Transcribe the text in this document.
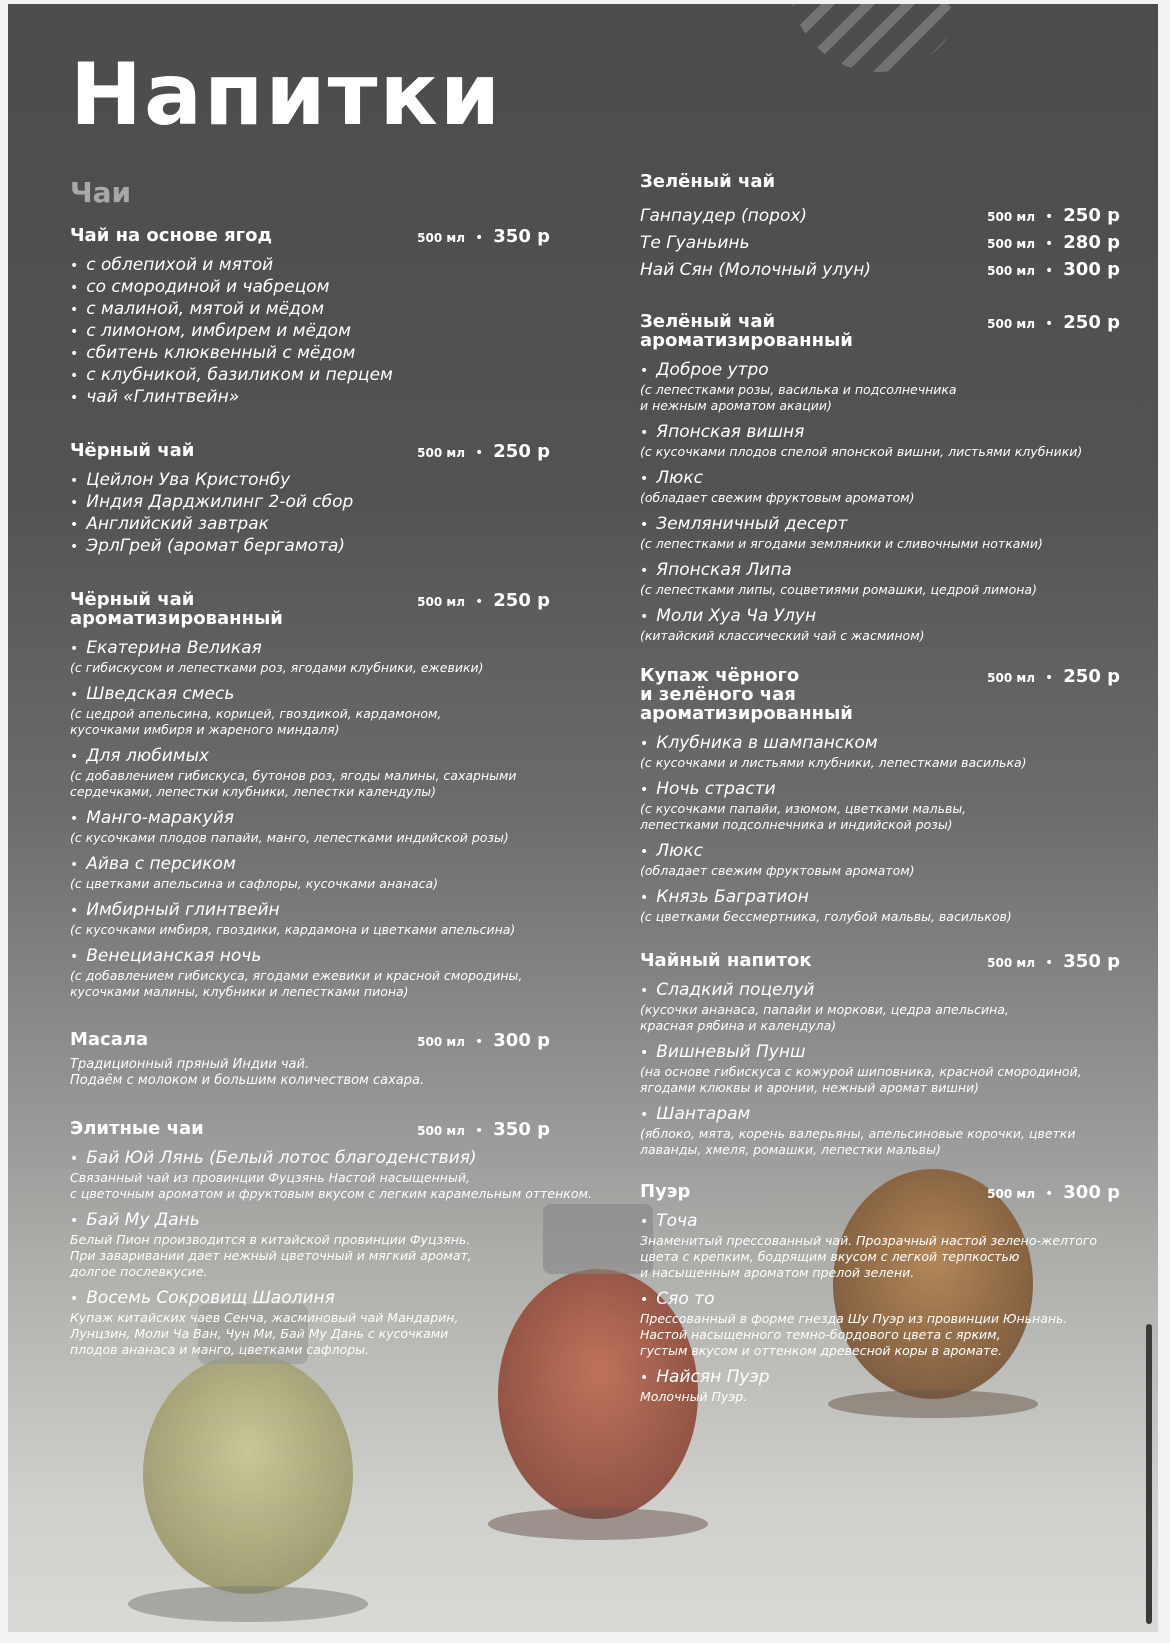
Напитки
Чаи
Чай на основе ягод	500 мл • 350 р
• с облепихой и мятой
• со смородиной и чабрецом
• с малиной, мятой и мёдом
• с лимоном, имбирем и мёдом
• сбитень клюквенный с мёдом
• с клубникой, базиликом и перцем
• чай «Глинтвейн»
Чёрный чай	500 мл • 250 р
• Цейлон Ува Кристонбу
• Индия Дарджилинг 2-ой сбор
• Английский завтрак
• ЭрлГрей (аромат бергамота)
Чёрный чай
ароматизированный
500 мл • 250 р
• Екатерина Великая
(с гибискусом и лепестками роз, ягодами клубники, ежевики)
• Шведская смесь
(с цедрой апельсина, корицей, гвоздикой, кардамоном,
кусочками имбиря и жареного миндаля)
• Для любимых
(с добавлением гибискуса, бутонов роз, ягоды малины, сахарными
сердечками, лепестки клубники, лепестки календулы)
• Манго-маракуйя
(с кусочками плодов папайи, манго, лепестками индийской розы)
• Айва с персиком
(с цветками апельсина и сафлоры, кусочками ананаса)
• Имбирный глинтвейн
(с кусочками имбиря, гвоздики, кардамона и цветками апельсина)
• Венецианская ночь
(с добавлением гибискуса, ягодами ежевики и красной смородины,
кусочками малины, клубники и лепестками пиона)
Масала	500 мл • 300 р
Традиционный пряный Индии чай.
Подаём с молоком и большим количеством сахара.
Элитные чаи	500 мл • 350 р
• Бай Юй Лянь (Белый лотос благоденствия)
Связанный чай из провинции Фуцзянь Настой насыщенный,
с цветочным ароматом и фруктовым вкусом с легким карамельным оттенком.
• Бай Му Дань
Белый Пион производится в китайской провинции Фуцзянь.
При заваривании дает нежный цветочный и мягкий аромат,
долгое послевкусие.
• Восемь Сокровищ Шаолиня
Купаж китайских чаев Сенча, жасминовый чай Мандарин,
Лунцзин, Моли Ча Ван, Чун Ми, Бай Му Дань с кусочками
плодов ананаса и манго, цветками сафлоры.
Зелёный чай
Ганпаудер (порох)	500 мл • 250 р
Те Гуаньинь	500 мл • 280 р
Най Сян (Молочный улун)	500 мл • 300 р
Зелёный чай
ароматизированный
500 мл • 250 р
• Доброе утро
(с лепестками розы, василька и подсолнечника
и нежным ароматом акации)
• Японская вишня
(с кусочками плодов спелой японской вишни, листьями клубники)
• Люкс
(обладает свежим фруктовым ароматом)
• Земляничный десерт
(с лепестками и ягодами земляники и сливочными нотками)
• Японская Липа
(с лепестками липы, соцветиями ромашки, цедрой лимона)
• Моли Хуа Ча Улун
(китайский классический чай с жасмином)
Купаж чёрного
и зелёного чая
ароматизированный
500 мл • 250 р
• Клубника в шампанском
(с кусочками и листьями клубники, лепестками василька)
• Ночь страсти
(с кусочками папайи, изюмом, цветками мальвы,
лепестками подсолнечника и индийской розы)
• Люкс
(обладает свежим фруктовым ароматом)
• Князь Багратион
(с цветками бессмертника, голубой мальвы, васильков)
Чайный напиток	500 мл • 350 р
• Сладкий поцелуй
(кусочки ананаса, папайи и моркови, цедра апельсина,
красная рябина и календула)
• Вишневый Пунш
(на основе гибискуса с кожурой шиповника, красной смородиной,
ягодами клюквы и аронии, нежный аромат вишни)
• Шантарам
(яблоко, мята, корень валерьяны, апельсиновые корочки, цветки
лаванды, хмеля, ромашки, лепестки мальвы)
Пуэр	500 мл • 300 р
• Точа
Знаменитый прессованный чай. Прозрачный настой зелено-желтого
цвета с крепким, бодрящим вкусом с легкой терпкостью
и насыщенным ароматом прелой зелени.
• Сяо то
Прессованный в форме гнезда Шу Пуэр из провинции Юньнань.
Настой насыщенного темно-бордового цвета с ярким,
густым вкусом и оттенком древесной коры в аромате.
• Найсян Пуэр
Молочный Пуэр.
